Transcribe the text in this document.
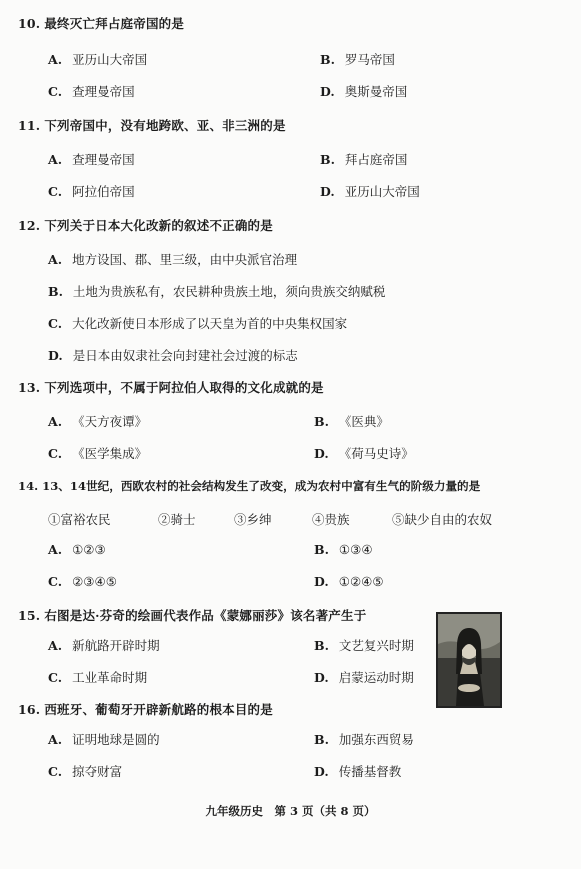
10. 最终灭亡拜占庭帝国的是
A. 亚历山大帝国	B. 罗马帝国
C. 查理曼帝国	D. 奥斯曼帝国
11. 下列帝国中，没有地跨欧、亚、非三洲的是
A. 查理曼帝国	B. 拜占庭帝国
C. 阿拉伯帝国	D. 亚历山大帝国
12. 下列关于日本大化改新的叙述不正确的是
A. 地方设国、郡、里三级，由中央派官治理
B. 土地为贵族私有，农民耕种贵族土地，须向贵族交纳赋税
C. 大化改新使日本形成了以天皇为首的中央集权国家
D. 是日本由奴隶社会向封建社会过渡的标志
13. 下列选项中，不属于阿拉伯人取得的文化成就的是
A. 《天方夜谭》	B. 《医典》
C. 《医学集成》	D. 《荷马史诗》
14. 13、14世纪，西欧农村的社会结构发生了改变，成为农村中富有生气的阶级力量的是
①富裕农民	②骑士	③乡绅	④贵族	⑤缺少自由的农奴
A. ①②③	B. ①③④
C. ②③④⑤	D. ①②④⑤
15. 右图是达·芬奇的绘画代表作品《蒙娜丽莎》该名著产生于
A. 新航路开辟时期	B. 文艺复兴时期
C. 工业革命时期	D. 启蒙运动时期
16. 西班牙、葡萄牙开辟新航路的根本目的是
A. 证明地球是圆的	B. 加强东西贸易
C. 掠夺财富	D. 传播基督教
九年级历史　第 3 页（共 8 页）
